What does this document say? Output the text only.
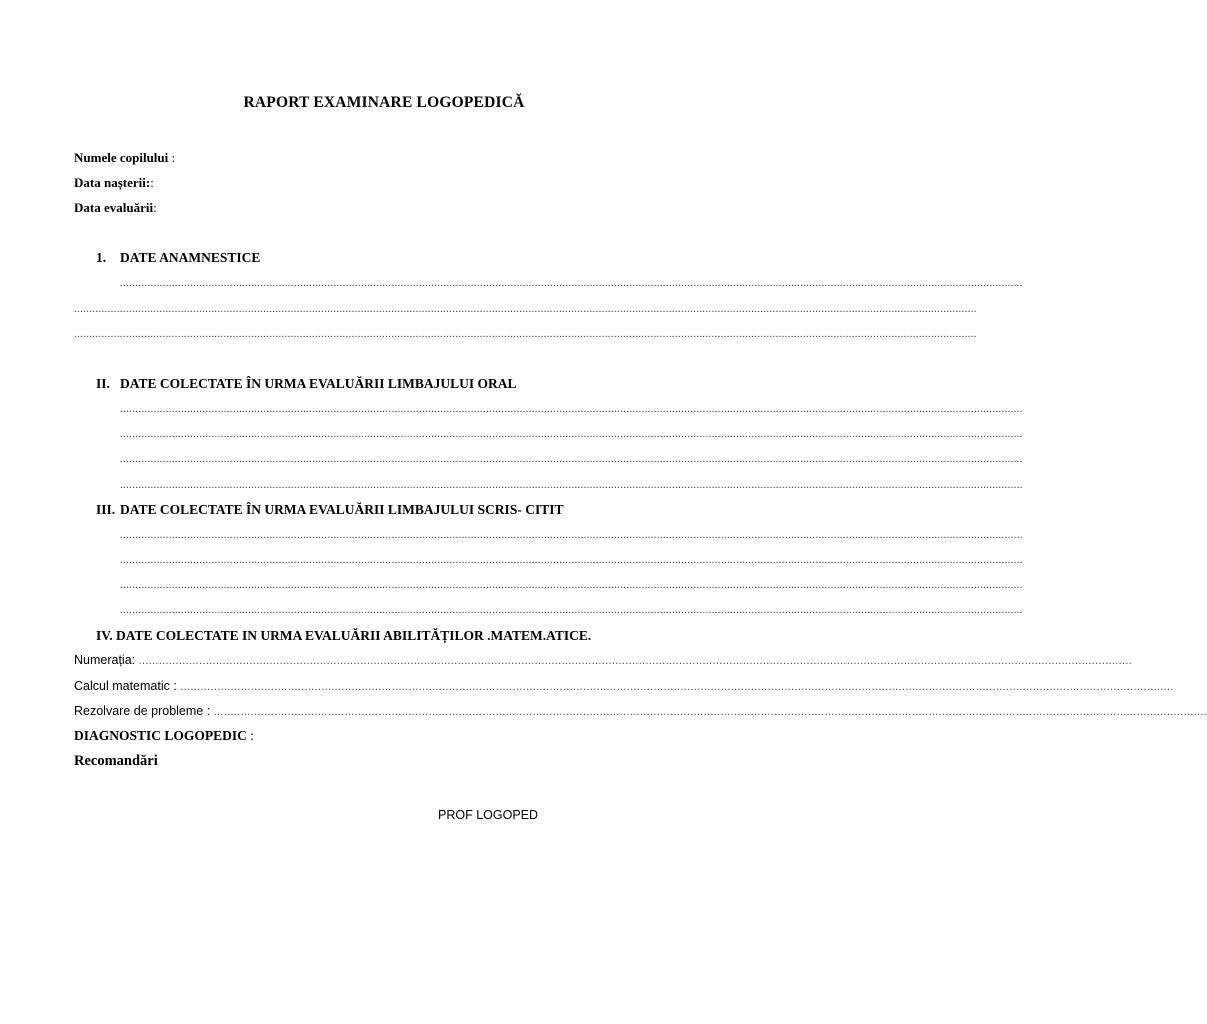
RAPORT EXAMINARE LOGOPEDICĂ
Numele copilului :
Data nașterii::
Data evaluării:
1. DATE ANAMNESTICE
........................................................................................................................................................................................................................................................................................................
........................................................................................................................................................................................................................................................................................................
........................................................................................................................................................................................................................................................................................................
II. DATE COLECTATE ÎN URMA EVALUĂRII LIMBAJULUI ORAL
........................................................................................................................................................................................................................................................................................................
........................................................................................................................................................................................................................................................................................................
........................................................................................................................................................................................................................................................................................................
........................................................................................................................................................................................................................................................................................................
III. DATE COLECTATE ÎN URMA EVALUĂRII LIMBAJULUI SCRIS- CITIT
........................................................................................................................................................................................................................................................................................................
........................................................................................................................................................................................................................................................................................................
........................................................................................................................................................................................................................................................................................................
........................................................................................................................................................................................................................................................................................................
IV. DATE COLECTATE IN URMA EVALUĂRII ABILITĂȚILOR .MATEM.ATICE.
Numerația: ........................................................................................................................................................................................................................................................................................................
Calcul matematic : ........................................................................................................................................................................................................................................................................................................
Rezolvare de probleme : ........................................................................................................................................................................................................................................................................................................
DIAGNOSTIC LOGOPEDIC :
Recomandări
PROF LOGOPED
